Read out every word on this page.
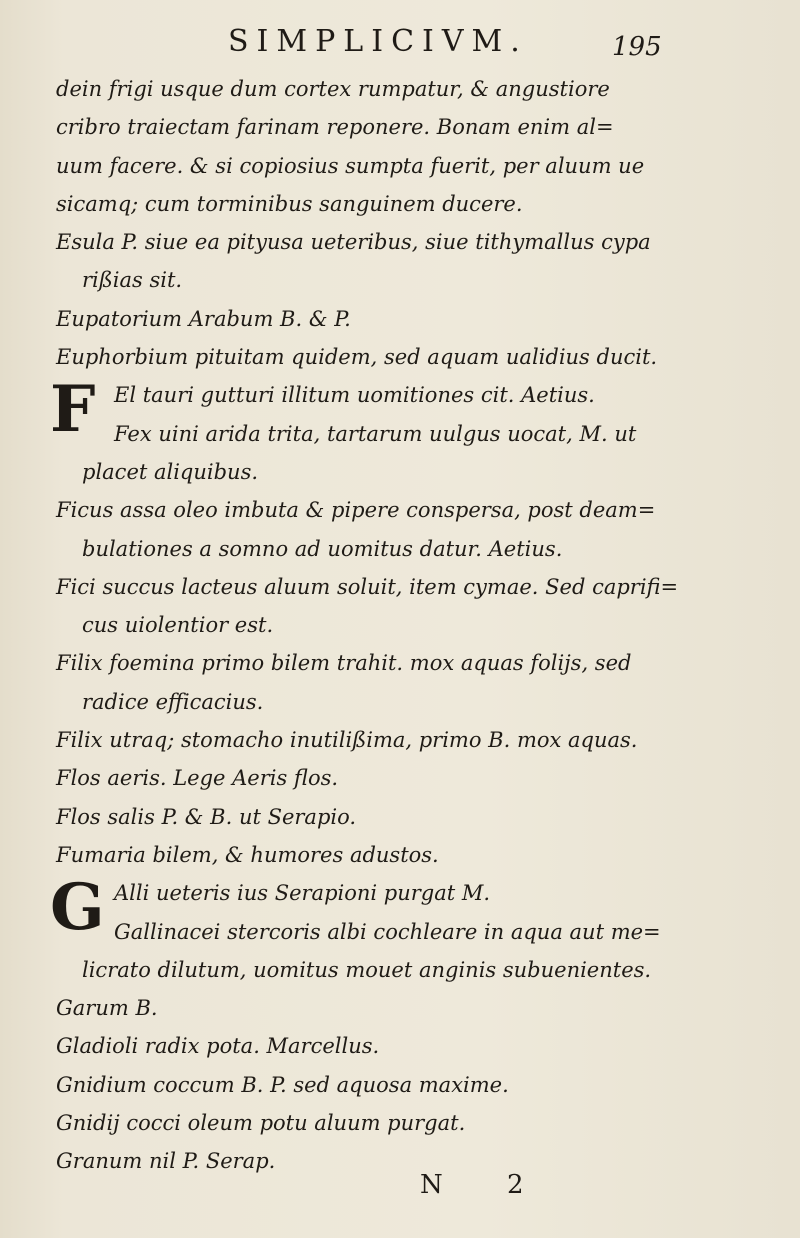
SIMPLICIVM.	195
dein frigi usque dum cortex rumpatur, & angustiore
cribro traiectam farinam reponere. Bonam enim al=
uum facere. & si copiosius sumpta fuerit, per aluum ue
sicamq; cum torminibus sanguinem ducere.
Esula P. siue ea pityusa ueteribus, siue tithymallus cypa
rißias sit.
Eupatorium Arabum B. & P.
Euphorbium pituitam quidem, sed aquam ualidius ducit.
F El tauri gutturi illitum uomitiones cit. Aetius.
Fex uini arida trita, tartarum uulgus uocat, M. ut
placet aliquibus.
Ficus assa oleo imbuta & pipere conspersa, post deam=
bulationes a somno ad uomitus datur. Aetius.
Fici succus lacteus aluum soluit, item cymae. Sed caprifi=
cus uiolentior est.
Filix foemina primo bilem trahit. mox aquas folijs, sed
radice efficacius.
Filix utraq; stomacho inutilißima, primo B. mox aquas.
Flos aeris. Lege Aeris flos.
Flos salis P. & B. ut Serapio.
Fumaria bilem, & humores adustos.
G Alli ueteris ius Serapioni purgat M.
Gallinacei stercoris albi cochleare in aqua aut me=
licrato dilutum, uomitus mouet anginis subuenientes.
Garum B.
Gladioli radix pota. Marcellus.
Gnidium coccum B. P. sed aquosa maxime.
Gnidij cocci oleum potu aluum purgat.
Granum nil P. Serap.
N 2
